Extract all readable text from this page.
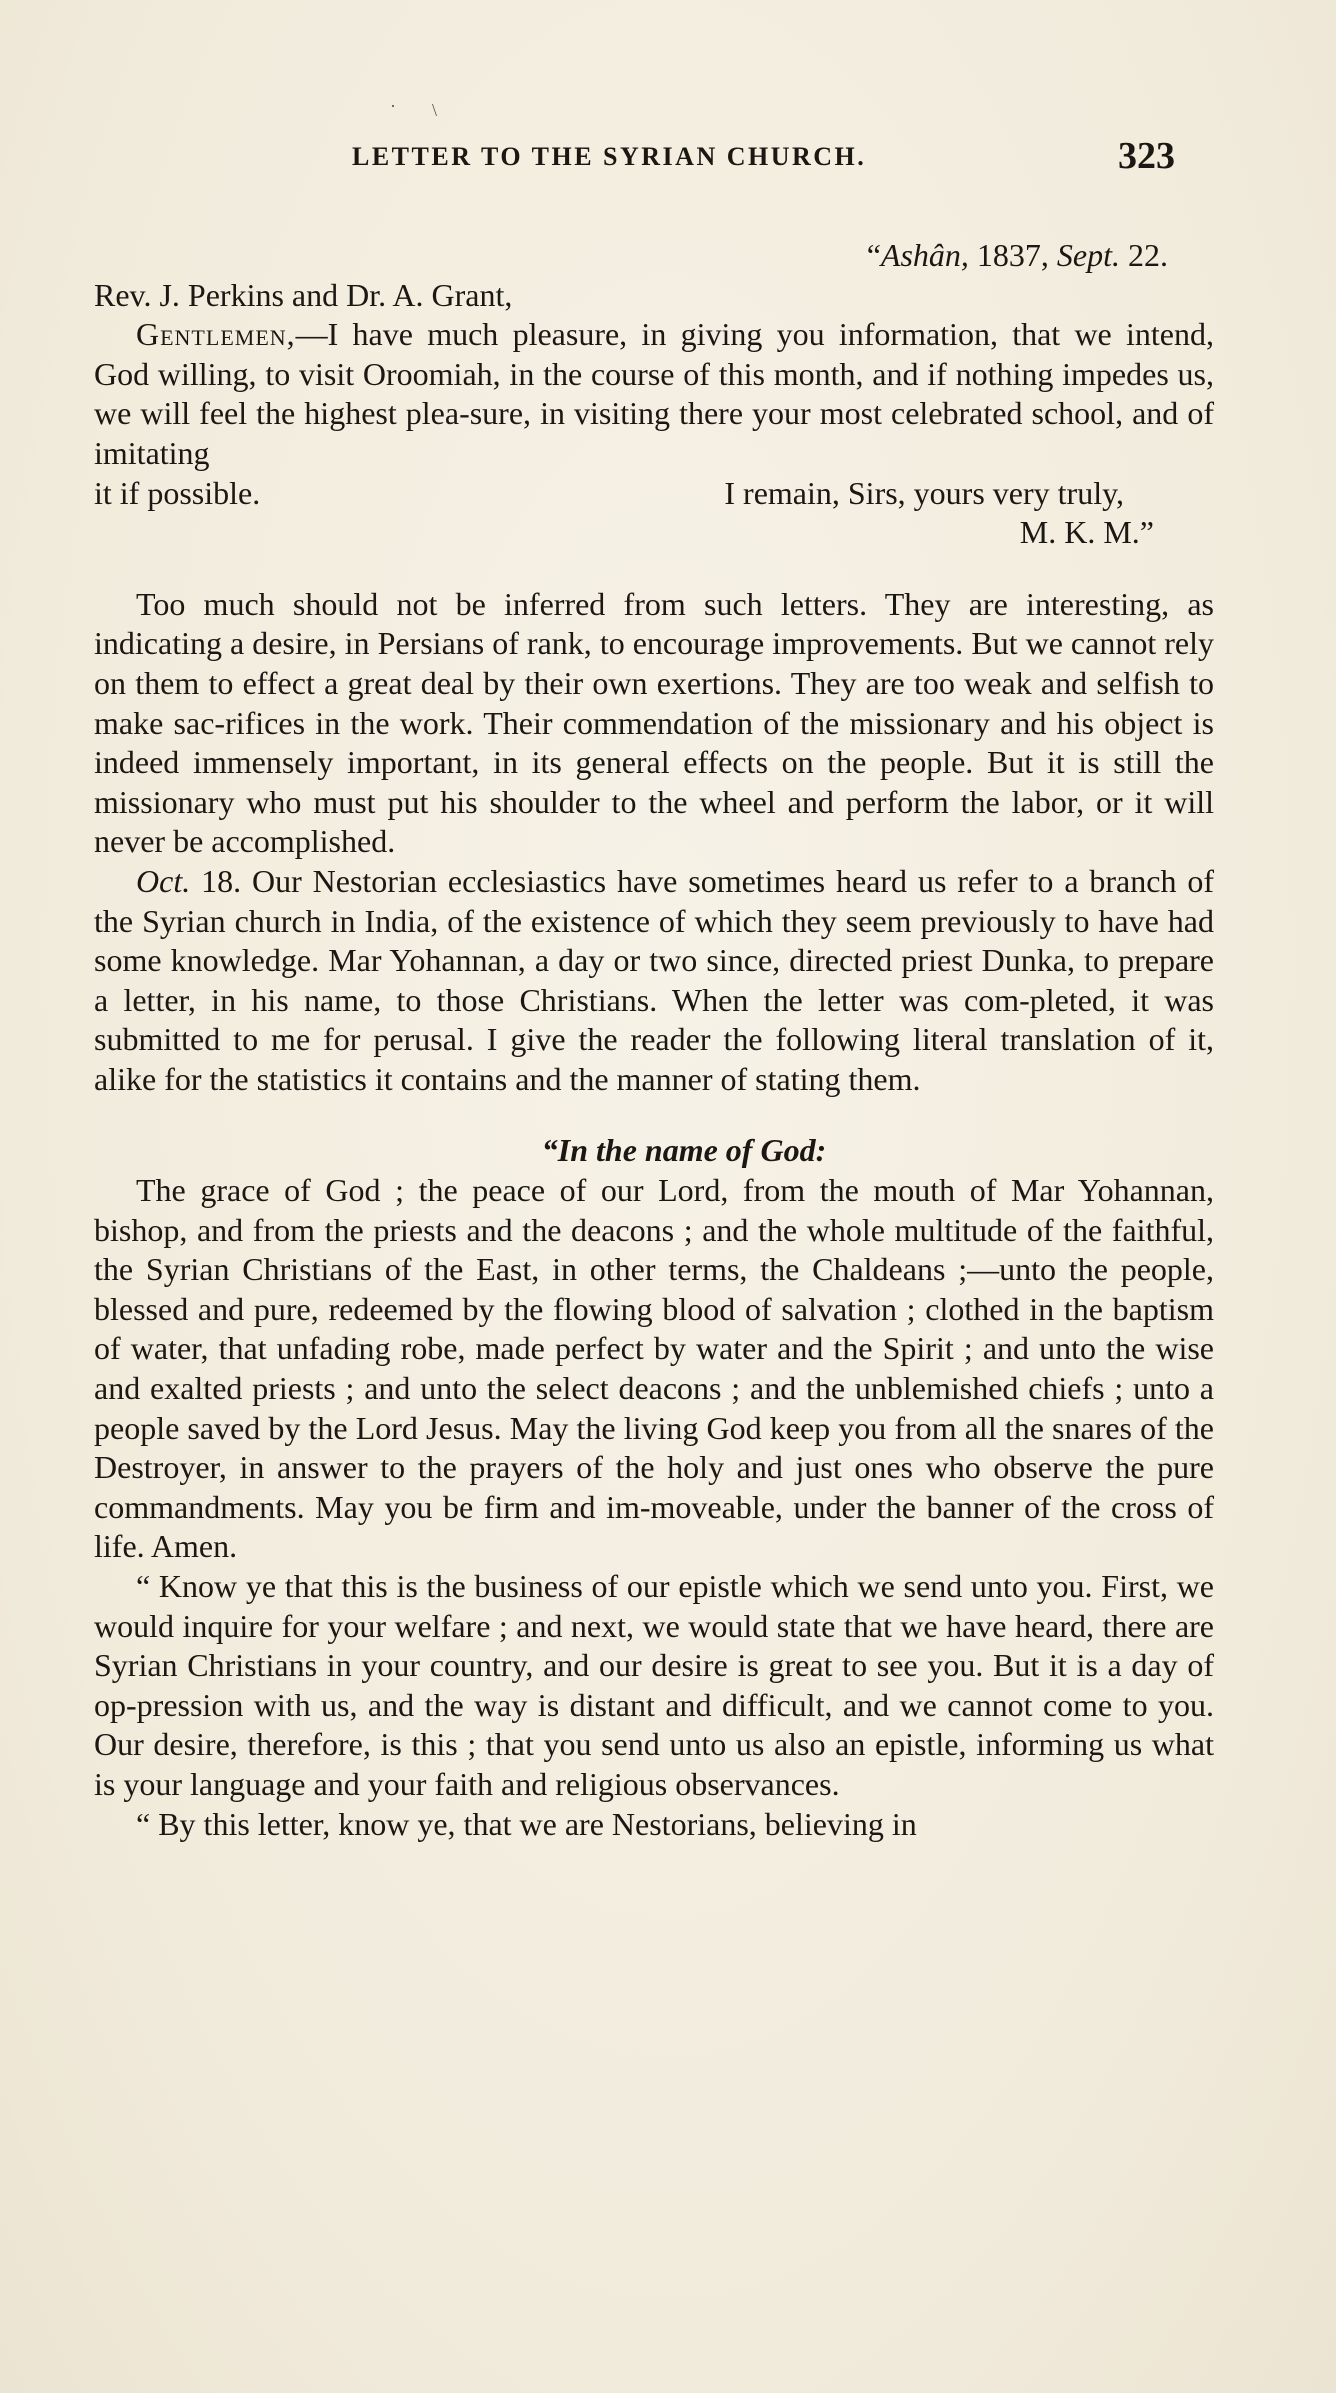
· \
LETTER TO THE SYRIAN CHURCH.	323

“Ashân, 1837, Sept. 22.

Rev. J. Perkins and Dr. A. Grant,

Gentlemen,—I have much pleasure, in giving you information, that we intend, God willing, to visit Oroomiah, in the course of this month, and if nothing impedes us, we will feel the highest plea-sure, in visiting there your most celebrated school, and of imitating

it if possible.	I remain, Sirs, yours very truly,

M. K. M.”

Too much should not be inferred from such letters. They are interesting, as indicating a desire, in Persians of rank, to encourage improvements. But we cannot rely on them to effect a great deal by their own exertions. They are too weak and selfish to make sac-rifices in the work. Their commendation of the missionary and his object is indeed immensely important, in its general effects on the people. But it is still the missionary who must put his shoulder to the wheel and perform the labor, or it will never be accomplished.

Oct. 18. Our Nestorian ecclesiastics have sometimes heard us refer to a branch of the Syrian church in India, of the existence of which they seem previously to have had some knowledge. Mar Yohannan, a day or two since, directed priest Dunka, to prepare a letter, in his name, to those Christians. When the letter was com-pleted, it was submitted to me for perusal. I give the reader the following literal translation of it, alike for the statistics it contains and the manner of stating them.

“In the name of God:

The grace of God ; the peace of our Lord, from the mouth of Mar Yohannan, bishop, and from the priests and the deacons ; and the whole multitude of the faithful, the Syrian Christians of the East, in other terms, the Chaldeans ;—unto the people, blessed and pure, redeemed by the flowing blood of salvation ; clothed in the baptism of water, that unfading robe, made perfect by water and the Spirit ; and unto the wise and exalted priests ; and unto the select deacons ; and the unblemished chiefs ; unto a people saved by the Lord Jesus. May the living God keep you from all the snares of the Destroyer, in answer to the prayers of the holy and just ones who observe the pure commandments. May you be firm and im-moveable, under the banner of the cross of life. Amen.

“ Know ye that this is the business of our epistle which we send unto you. First, we would inquire for your welfare ; and next, we would state that we have heard, there are Syrian Christians in your country, and our desire is great to see you. But it is a day of op-pression with us, and the way is distant and difficult, and we cannot come to you. Our desire, therefore, is this ; that you send unto us also an epistle, informing us what is your language and your faith and religious observances.

“ By this letter, know ye, that we are Nestorians, believing in
